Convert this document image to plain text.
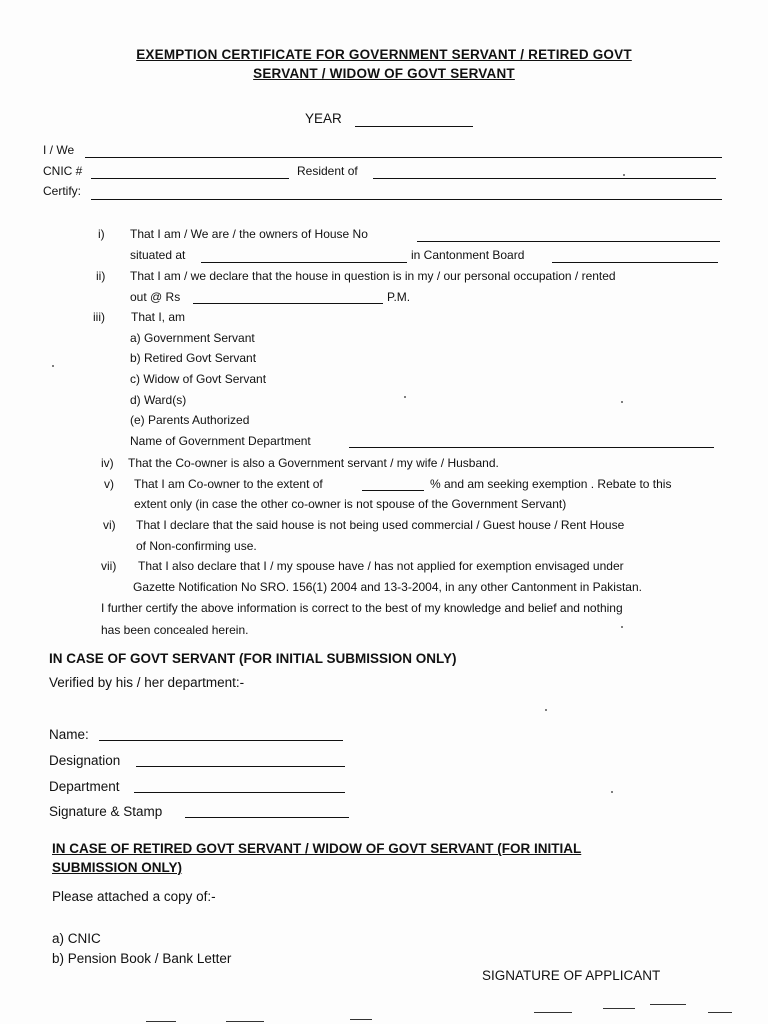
EXEMPTION CERTIFICATE FOR GOVERNMENT SERVANT / RETIRED GOVT
SERVANT / WIDOW OF GOVT SERVANT
YEAR
I / We
CNIC #	Resident of
Certify:
i) That I am / We are / the owners of House No
situated at	in Cantonment Board
ii) That I am / we declare that the house in question is in my / our personal occupation / rented
out @ Rs	P.M.
iii) That I, am
a) Government Servant
b) Retired Govt Servant
c) Widow of Govt Servant
d) Ward(s)
(e) Parents Authorized
Name of Government Department
iv) That the Co-owner is also a Government servant / my wife / Husband.
v) That I am Co-owner to the extent of	% and am seeking exemption . Rebate to this
extent only (in case the other co-owner is not spouse of the Government Servant)
vi) That I declare that the said house is not being used commercial / Guest house / Rent House
of Non-confirming use.
vii) That I also declare that I / my spouse have / has not applied for exemption envisaged under
Gazette Notification No SRO. 156(1) 2004 and 13-3-2004, in any other Cantonment in Pakistan.
I further certify the above information is correct to the best of my knowledge and belief and nothing
has been concealed herein.
IN CASE OF GOVT SERVANT (FOR INITIAL SUBMISSION ONLY)
Verified by his / her department:-
Name:
Designation
Department
Signature & Stamp
IN CASE OF RETIRED GOVT SERVANT / WIDOW OF GOVT SERVANT (FOR INITIAL
SUBMISSION ONLY)
Please attached a copy of:-
a) CNIC
b) Pension Book / Bank Letter
SIGNATURE OF APPLICANT
